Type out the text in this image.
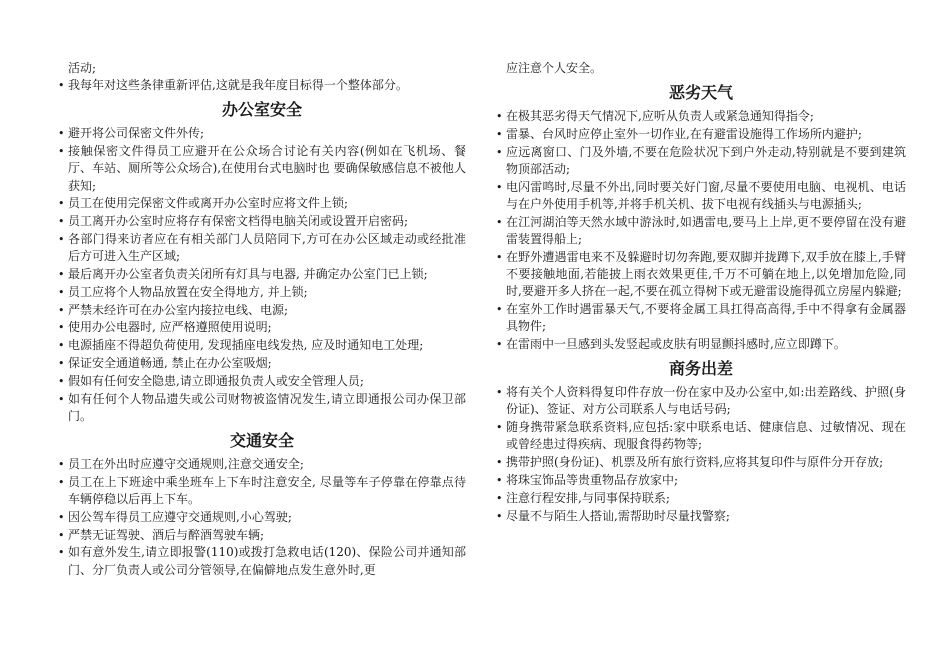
活动;

• 我每年对这些条律重新评估,这就是我年度目标得一个整体部分。
办公室安全
• 避开将公司保密文件外传;
• 接触保密文件得员工应避开在公众场合讨论有关内容(例如在飞机场、餐厅、车站、厕所等公众场合),在使用台式电脑时也 要确保敏感信息不被他人获知;
• 员工在使用完保密文件或离开办公室时应将文件上锁;
• 员工离开办公室时应将存有保密文档得电脑关闭或设置开启密码;
• 各部门得来访者应在有相关部门人员陪同下,方可在办公区域走动或经批准后方可进入生产区域;
• 最后离开办公室者负责关闭所有灯具与电器, 并确定办公室门已上锁;
• 员工应将个人物品放置在安全得地方, 并上锁;
• 严禁未经许可在办公室内接拉电线、电源;
• 使用办公电器时, 应严格遵照使用说明;
• 电源插座不得超负荷使用, 发现插座电线发热, 应及时通知电工处理;
• 保证安全通道畅通, 禁止在办公室吸烟;
• 假如有任何安全隐患,请立即通报负责人或安全管理人员;
• 如有任何个人物品遗失或公司财物被盗情况发生,请立即通报公司办保卫部门。
交通安全
• 员工在外出时应遵守交通规则,注意交通安全;
• 员工在上下班途中乘坐班车上下车时注意安全, 尽量等车子停靠在停靠点待车辆停稳以后再上下车。
• 因公驾车得员工应遵守交通规则,小心驾驶;
• 严禁无证驾驶、酒后与醉酒驾驶车辆;
• 如有意外发生,请立即报警(110)或拨打急救电话(120)、保险公司并通知部门、分厂负责人或公司分管领导,在偏僻地点发生意外时,更

应注意个人安全。

恶劣天气
• 在极其恶劣得天气情况下,应听从负责人或紧急通知得指令;
• 雷暴、台风时应停止室外一切作业,在有避雷设施得工作场所内避护;
• 应远离窗口、门及外墙,不要在危险状况下到户外走动,特别就是不要到建筑物顶部活动;
• 电闪雷鸣时,尽量不外出,同时要关好门窗,尽量不要使用电脑、电视机、电话与在户外使用手机等,并将手机关机、拔下电视有线插头与电源插头;
• 在江河湖泊等天然水域中游泳时,如遇雷电,要马上上岸,更不要停留在没有避雷装置得船上;
• 在野外遭遇雷电来不及躲避时切勿奔跑,要双脚并拢蹲下,双手放在膝上,手臂不要接触地面,若能披上雨衣效果更佳,千万不可躺在地上,以免增加危险,同时,要避开多人挤在一起,不要在孤立得树下或无避雷设施得孤立房屋内躲避;
• 在室外工作时遇雷暴天气,不要将金属工具扛得高高得,手中不得拿有金属器具物件;
• 在雷雨中一旦感到头发竖起或皮肤有明显颤抖感时,应立即蹲下。
商务出差
• 将有关个人资料得复印件存放一份在家中及办公室中,如:出差路线、护照(身份证)、签证、对方公司联系人与电话号码;
• 随身携带紧急联系资料,应包括:家中联系电话、健康信息、过敏情况、现在或曾经患过得疾病、现服食得药物等;
• 携带护照(身份证)、机票及所有旅行资料,应将其复印件与原件分开存放;
• 将珠宝饰品等贵重物品存放家中;
• 注意行程安排,与同事保持联系;
• 尽量不与陌生人搭讪,需帮助时尽量找警察;
